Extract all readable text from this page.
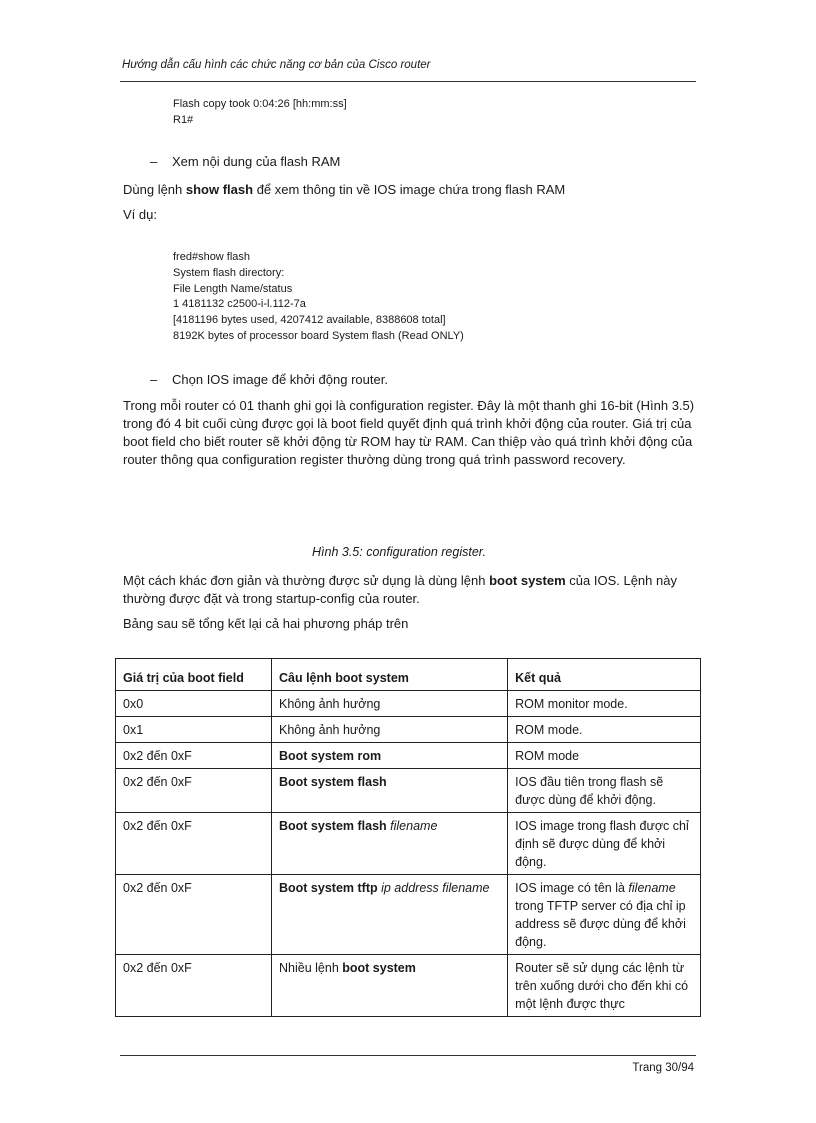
Hướng dẫn cấu hình các chức năng cơ bản của Cisco router
Flash copy took 0:04:26 [hh:mm:ss]
R1#
– Xem nội dung của flash RAM
Dùng lệnh show flash để xem thông tin về IOS image chứa trong flash RAM
Ví dụ:
fred#show flash
System flash directory:
File Length Name/status
1 4181132 c2500-i-l.112-7a
[4181196 bytes used, 4207412 available, 8388608 total]
8192K bytes of processor board System flash (Read ONLY)
– Chọn IOS image để khởi động router.
Trong mỗi router có 01 thanh ghi gọi là configuration register. Đây là một thanh ghi 16-bit (Hình 3.5) trong đó 4 bit cuối cùng được gọi là boot field quyết định quá trình khởi động của router. Giá trị của boot field cho biết router sẽ khởi động từ ROM hay từ RAM. Can thiệp vào quá trình khởi động của router thông qua configuration register thường dùng trong quá trình password recovery.
Hình 3.5: configuration register.
Một cách khác đơn giản và thường được sử dụng là dùng lệnh boot system của IOS. Lệnh này thường được đặt và trong startup-config của router.
Bảng sau sẽ tổng kết lại cả hai phương pháp trên
Giá trị của boot field	Câu lệnh boot system	Kết quả
0x0	Không ảnh hưởng	ROM monitor mode.
0x1	Không ảnh hưởng	ROM mode.
0x2 đến 0xF	Boot system rom	ROM mode
0x2 đến 0xF	Boot system flash	IOS đầu tiên trong flash sẽ được dùng để khởi động.
0x2 đến 0xF	Boot system flash filename	IOS image trong flash được chỉ định sẽ được dùng để khởi động.
0x2 đến 0xF	Boot system tftp ip address filename	IOS image có tên là filename trong TFTP server có địa chỉ ip address sẽ được dùng để khởi động.
0x2 đến 0xF	Nhiều lệnh boot system	Router sẽ sử dụng các lệnh từ trên xuống dưới cho đến khi có một lệnh được thực
Trang 30/94
